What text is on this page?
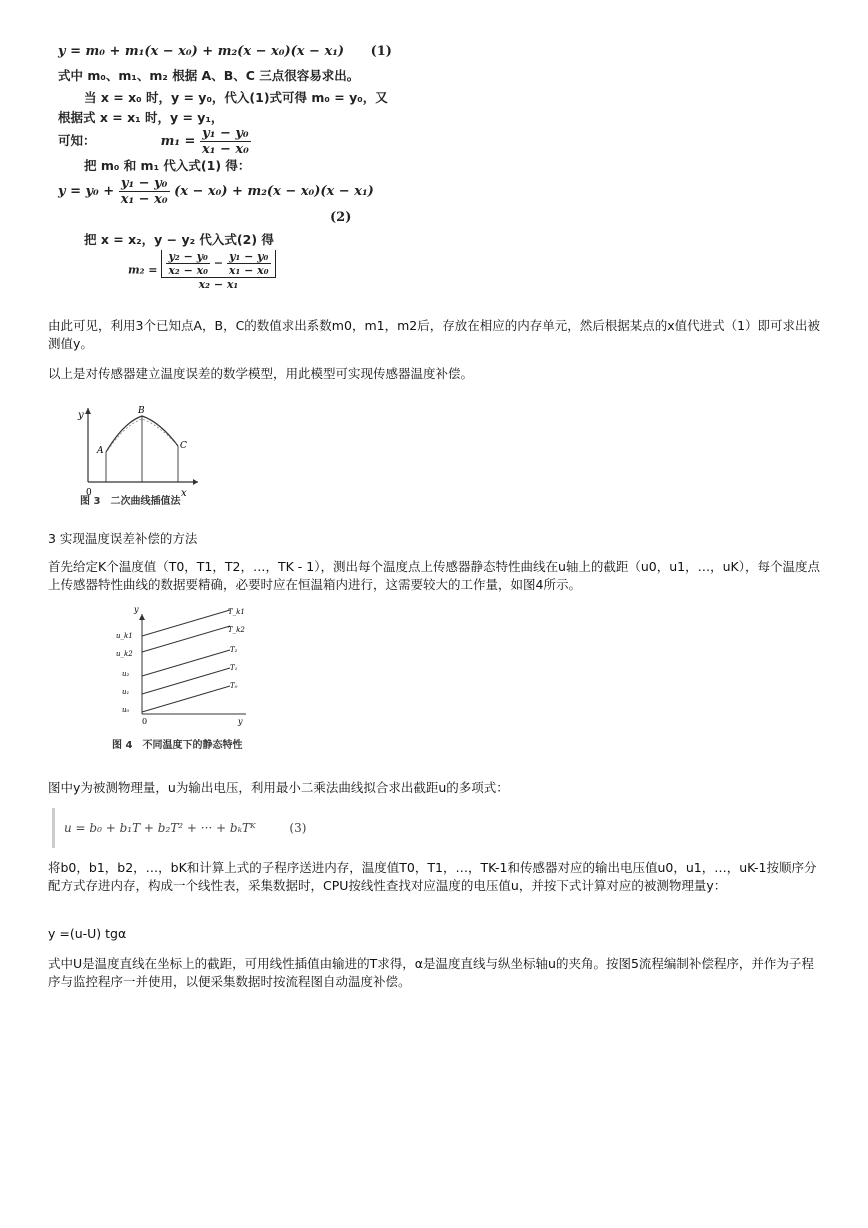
y = m₀ + m₁(x − x₀) + m₂(x − x₀)(x − x₁) (1)
式中 m₀、m₁、m₂ 根据 A、B、C 三点很容易求出。
当 x = x₀ 时，y = y₀，代入(1)式可得 m₀ = y₀，又
根据式 x = x₁ 时，y = y₁，
可知：	$m_1 = \frac{\text{y₁ − y₀}}{\text{x₁ − x₀}}$
把 m₀ 和 m₁ 代入式(1) 得：
$y = y_0 + \frac{\text{y₁ − y₀}}{\text{x₁ − x₀}} (x - x_0) + m_2(x - x_0)(x - x_1)$
(2)
把 x = x₂，y − y₂ 代入式(2) 得
$m_2 = \frac{\text{y₂ − y₀}}{\text{x₂ − x₀}} - \frac{\text{y₁ − y₀}}{\text{x₁ − x₀}}$
x₂ − x₁
由此可见，利用3个已知点A，B，C的数值求出系数m0，m1，m2后，存放在相应的内存单元，然后根据某点的x值代进式（1）即可求出被测值y。
以上是对传感器建立温度误差的数学模型，用此模型可实现传感器温度补偿。
y
x
0
A
B
C
图 3　二次曲线插值法
3 实现温度误差补偿的方法
首先给定K个温度值（T0，T1，T2，…，TK - 1），测出每个温度点上传感器静态特性曲线在u轴上的截距（u0，u1，…，uK），每个温度点上传感器特性曲线的数据要精确，必要时应在恒温箱内进行，这需要较大的工作量，如图4所示。
y
y
0
u₀
u₁
u₂
u_k2
u_k1
T₀
T₁
T₂
T_k2
T_k1
图 4　不同温度下的静态特性
图中y为被测物理量，u为输出电压，利用最小二乘法曲线拟合求出截距u的多项式：
u = b₀ + b₁T + b₂T² + ··· + bₖTᴷ	(3)
将b0，b1，b2，…，bK和计算上式的子程序送进内存，温度值T0，T1，…，TK-1和传感器对应的输出电压值u0，u1，…，uK-1按顺序分配方式存进内存，构成一个线性表，采集数据时，CPU按线性查找对应温度的电压值u，并按下式计算对应的被测物理量y：
y =(u-U) tgα
式中U是温度直线在坐标上的截距，可用线性插值由输进的T求得，α是温度直线与纵坐标轴u的夹角。按图5流程编制补偿程序，并作为子程序与监控程序一并使用，以便采集数据时按流程图自动温度补偿。
